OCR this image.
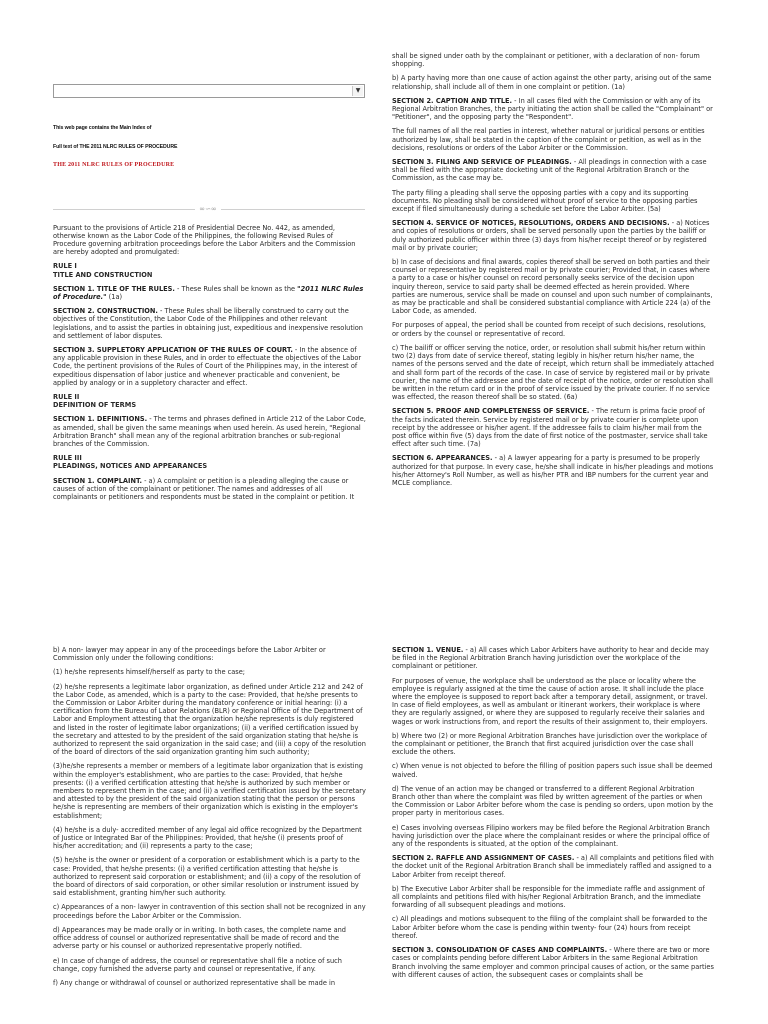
▼
This web page contains the Main Index of
Full text of THE 2011 NLRC RULES OF PROCEDURE
THE 2011 NLRC RULES OF PROCEDURE
∞∽∞

Pursuant to the provisions of Article 218 of Presidential Decree No. 442, as amended, otherwise known as the Labor Code of the Philippines, the following Revised Rules of Procedure governing arbitration proceedings before the Labor Arbiters and the Commission are hereby adopted and promulgated:

RULE I
TITLE AND CONSTRUCTION

SECTION 1. TITLE OF THE RULES. - These Rules shall be known as the "2011 NLRC Rules of Procedure." (1a)

SECTION 2. CONSTRUCTION. - These Rules shall be liberally construed to carry out the objectives of the Constitution, the Labor Code of the Philippines and other relevant legislations, and to assist the parties in obtaining just, expeditious and inexpensive resolution and settlement of labor disputes.

SECTION 3. SUPPLETORY APPLICATION OF THE RULES OF COURT. - In the absence of any applicable provision in these Rules, and in order to effectuate the objectives of the Labor Code, the pertinent provisions of the Rules of Court of the Philippines may, in the interest of expeditious dispensation of labor justice and whenever practicable and convenient, be applied by analogy or in a suppletory character and effect.

RULE II
DEFINITION OF TERMS

SECTION 1. DEFINITIONS. - The terms and phrases defined in Article 212 of the Labor Code, as amended, shall be given the same meanings when used herein. As used herein, "Regional Arbitration Branch" shall mean any of the regional arbitration branches or sub-regional branches of the Commission.

RULE III
PLEADINGS, NOTICES AND APPEARANCES

SECTION 1. COMPLAINT. - a) A complaint or petition is a pleading alleging the cause or causes of action of the complainant or petitioner. The names and addresses of all complainants or petitioners and respondents must be stated in the complaint or petition. It

shall be signed under oath by the complainant or petitioner, with a declaration of non- forum shopping.

b) A party having more than one cause of action against the other party, arising out of the same relationship, shall include all of them in one complaint or petition. (1a)

SECTION 2. CAPTION AND TITLE. - In all cases filed with the Commission or with any of its Regional Arbitration Branches, the party initiating the action shall be called the "Complainant" or "Petitioner", and the opposing party the "Respondent".

The full names of all the real parties in interest, whether natural or juridical persons or entities authorized by law, shall be stated in the caption of the complaint or petition, as well as in the decisions, resolutions or orders of the Labor Arbiter or the Commission.

SECTION 3. FILING AND SERVICE OF PLEADINGS. - All pleadings in connection with a case shall be filed with the appropriate docketing unit of the Regional Arbitration Branch or the Commission, as the case may be.

The party filing a pleading shall serve the opposing parties with a copy and its supporting documents. No pleading shall be considered without proof of service to the opposing parties except if filed simultaneously during a schedule set before the Labor Arbiter. (5a)

SECTION 4. SERVICE OF NOTICES, RESOLUTIONS, ORDERS AND DECISIONS. - a) Notices and copies of resolutions or orders, shall be served personally upon the parties by the bailiff or duly authorized public officer within three (3) days from his/her receipt thereof or by registered mail or by private courier;

b) In case of decisions and final awards, copies thereof shall be served on both parties and their counsel or representative by registered mail or by private courier; Provided that, in cases where a party to a case or his/her counsel on record personally seeks service of the decision upon inquiry thereon, service to said party shall be deemed effected as herein provided. Where parties are numerous, service shall be made on counsel and upon such number of complainants, as may be practicable and shall be considered substantial compliance with Article 224 (a) of the Labor Code, as amended.

For purposes of appeal, the period shall be counted from receipt of such decisions, resolutions, or orders by the counsel or representative of record.

c) The bailiff or officer serving the notice, order, or resolution shall submit his/her return within two (2) days from date of service thereof, stating legibly in his/her return his/her name, the names of the persons served and the date of receipt, which return shall be immediately attached and shall form part of the records of the case. In case of service by registered mail or by private courier, the name of the addressee and the date of receipt of the notice, order or resolution shall be written in the return card or in the proof of service issued by the private courier. If no service was effected, the reason thereof shall be so stated. (6a)

SECTION 5. PROOF AND COMPLETENESS OF SERVICE. - The return is prima facie proof of the facts indicated therein. Service by registered mail or by private courier is complete upon receipt by the addressee or his/her agent. If the addressee fails to claim his/her mail from the post office within five (5) days from the date of first notice of the postmaster, service shall take effect after such time. (7a)

SECTION 6. APPEARANCES. - a) A lawyer appearing for a party is presumed to be properly authorized for that purpose. In every case, he/she shall indicate in his/her pleadings and motions his/her Attorney's Roll Number, as well as his/her PTR and IBP numbers for the current year and MCLE compliance.

b) A non- lawyer may appear in any of the proceedings before the Labor Arbiter or Commission only under the following conditions:

(1) he/she represents himself/herself as party to the case;

(2) he/she represents a legitimate labor organization, as defined under Article 212 and 242 of the Labor Code, as amended, which is a party to the case: Provided, that he/she presents to the Commission or Labor Arbiter during the mandatory conference or initial hearing: (i) a certification from the Bureau of Labor Relations (BLR) or Regional Office of the Department of Labor and Employment attesting that the organization he/she represents is duly registered and listed in the roster of legitimate labor organizations; (ii) a verified certification issued by the secretary and attested to by the president of the said organization stating that he/she is authorized to represent the said organization in the said case; and (iii) a copy of the resolution of the board of directors of the said organization granting him such authority;

(3)he/she represents a member or members of a legitimate labor organization that is existing within the employer's establishment, who are parties to the case: Provided, that he/she presents: (i) a verified certification attesting that he/she is authorized by such member or members to represent them in the case; and (ii) a verified certification issued by the secretary and attested to by the president of the said organization stating that the person or persons he/she is representing are members of their organization which is existing in the employer's establishment;

(4) he/she is a duly- accredited member of any legal aid office recognized by the Department of Justice or Integrated Bar of the Philippines: Provided, that he/she (i) presents proof of his/her accreditation; and (ii) represents a party to the case;

(5) he/she is the owner or president of a corporation or establishment which is a party to the case: Provided, that he/she presents: (i) a verified certification attesting that he/she is authorized to represent said corporation or establishment; and (ii) a copy of the resolution of the board of directors of said corporation, or other similar resolution or instrument issued by said establishment, granting him/her such authority.

c) Appearances of a non- lawyer in contravention of this section shall not be recognized in any proceedings before the Labor Arbiter or the Commission.

d) Appearances may be made orally or in writing. In both cases, the complete name and office address of counsel or authorized representative shall be made of record and the adverse party or his counsel or authorized representative properly notified.

e) In case of change of address, the counsel or representative shall file a notice of such change, copy furnished the adverse party and counsel or representative, if any.

f) Any change or withdrawal of counsel or authorized representative shall be made in

SECTION 1. VENUE. - a) All cases which Labor Arbiters have authority to hear and decide may be filed in the Regional Arbitration Branch having jurisdiction over the workplace of the complainant or petitioner.

For purposes of venue, the workplace shall be understood as the place or locality where the employee is regularly assigned at the time the cause of action arose. It shall include the place where the employee is supposed to report back after a temporary detail, assignment, or travel. In case of field employees, as well as ambulant or itinerant workers, their workplace is where they are regularly assigned, or where they are supposed to regularly receive their salaries and wages or work instructions from, and report the results of their assignment to, their employers.

b) Where two (2) or more Regional Arbitration Branches have jurisdiction over the workplace of the complainant or petitioner, the Branch that first acquired jurisdiction over the case shall exclude the others.

c) When venue is not objected to before the filling of position papers such issue shall be deemed waived.

d) The venue of an action may be changed or transferred to a different Regional Arbitration Branch other than where the complaint was filed by written agreement of the parties or when the Commission or Labor Arbiter before whom the case is pending so orders, upon motion by the proper party in meritorious cases.

e) Cases involving overseas Filipino workers may be filed before the Regional Arbitration Branch having jurisdiction over the place where the complainant resides or where the principal office of any of the respondents is situated, at the option of the complainant.

SECTION 2. RAFFLE AND ASSIGNMENT OF CASES. - a) All complaints and petitions filed with the docket unit of the Regional Arbitration Branch shall be immediately raffled and assigned to a Labor Arbiter from receipt thereof.

b) The Executive Labor Arbiter shall be responsible for the immediate raffle and assignment of all complaints and petitions filed with his/her Regional Arbitration Branch, and the immediate forwarding of all subsequent pleadings and motions.

c) All pleadings and motions subsequent to the filing of the complaint shall be forwarded to the Labor Arbiter before whom the case is pending within twenty- four (24) hours from receipt thereof.

SECTION 3. CONSOLIDATION OF CASES AND COMPLAINTS. - Where there are two or more cases or complaints pending before different Labor Arbiters in the same Regional Arbitration Branch involving the same employer and common principal causes of action, or the same parties with different causes of action, the subsequent cases or complaints shall be
